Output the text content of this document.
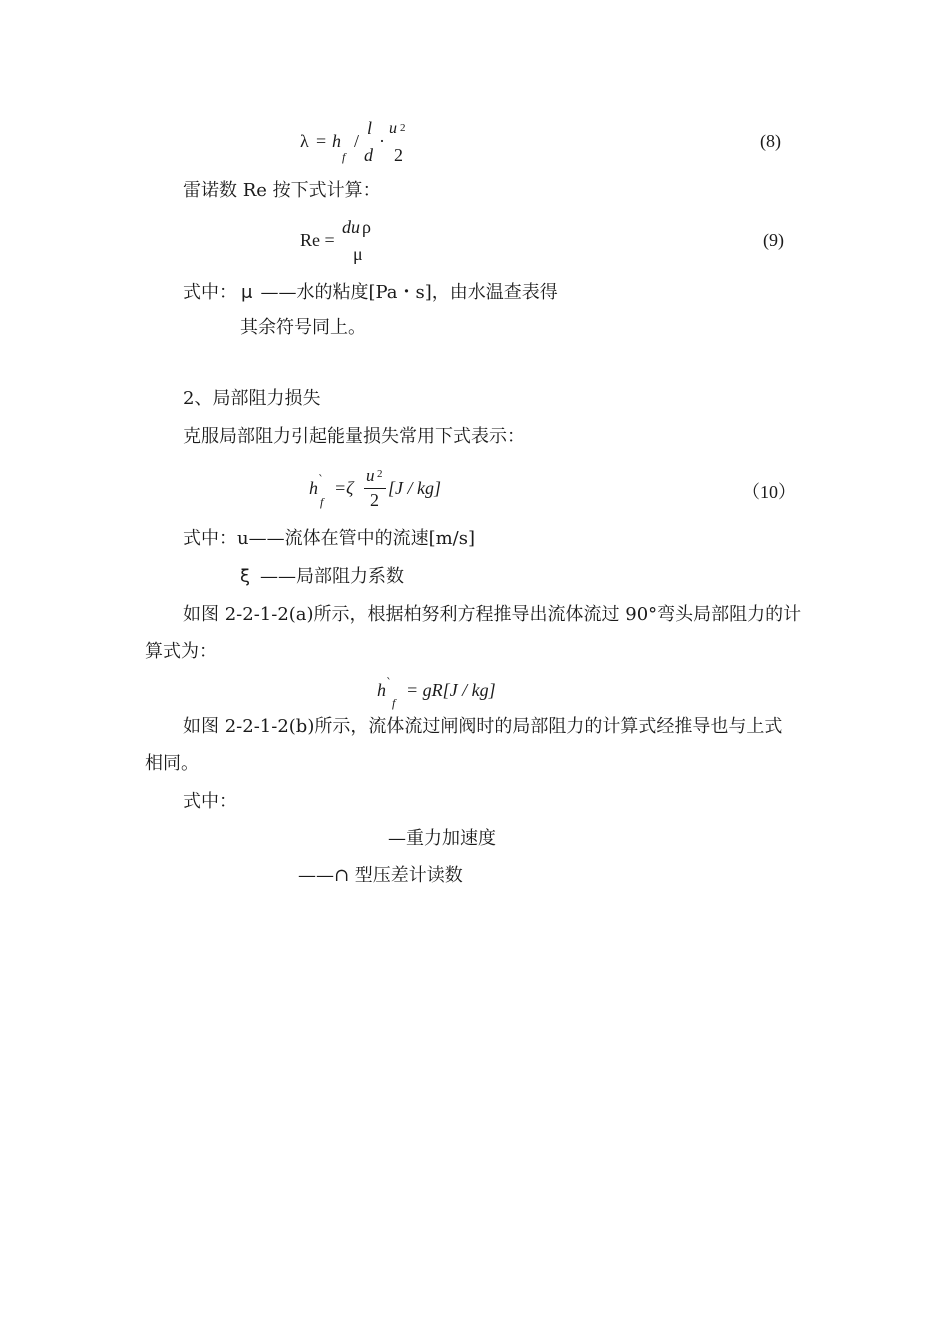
λ = h
f
/
l
d
·
u 2
2
(8)
雷诺数 Re 按下式计算：
Re =
du ρ
μ
(9)
式中： μ ——水的粘度[Pa・s]，由水温查表得
其余符号同上。
2、局部阻力损失
克服局部阻力引起能量损失常用下式表示：
h `
f
=ζ
u 2
2
[J / kg]	（10）
式中：u——流体在管中的流速[m/s]
ξ ——局部阻力系数
如图 2-2-1-2(a)所示，根据柏努利方程推导出流体流过 90°弯头局部阻力的计
算式为：
h `
f
= gR[J / kg]
如图 2-2-1-2(b)所示，流体流过闸阀时的局部阻力的计算式经推导也与上式
相同。
式中：
—重力加速度
——∩ 型压差计读数
